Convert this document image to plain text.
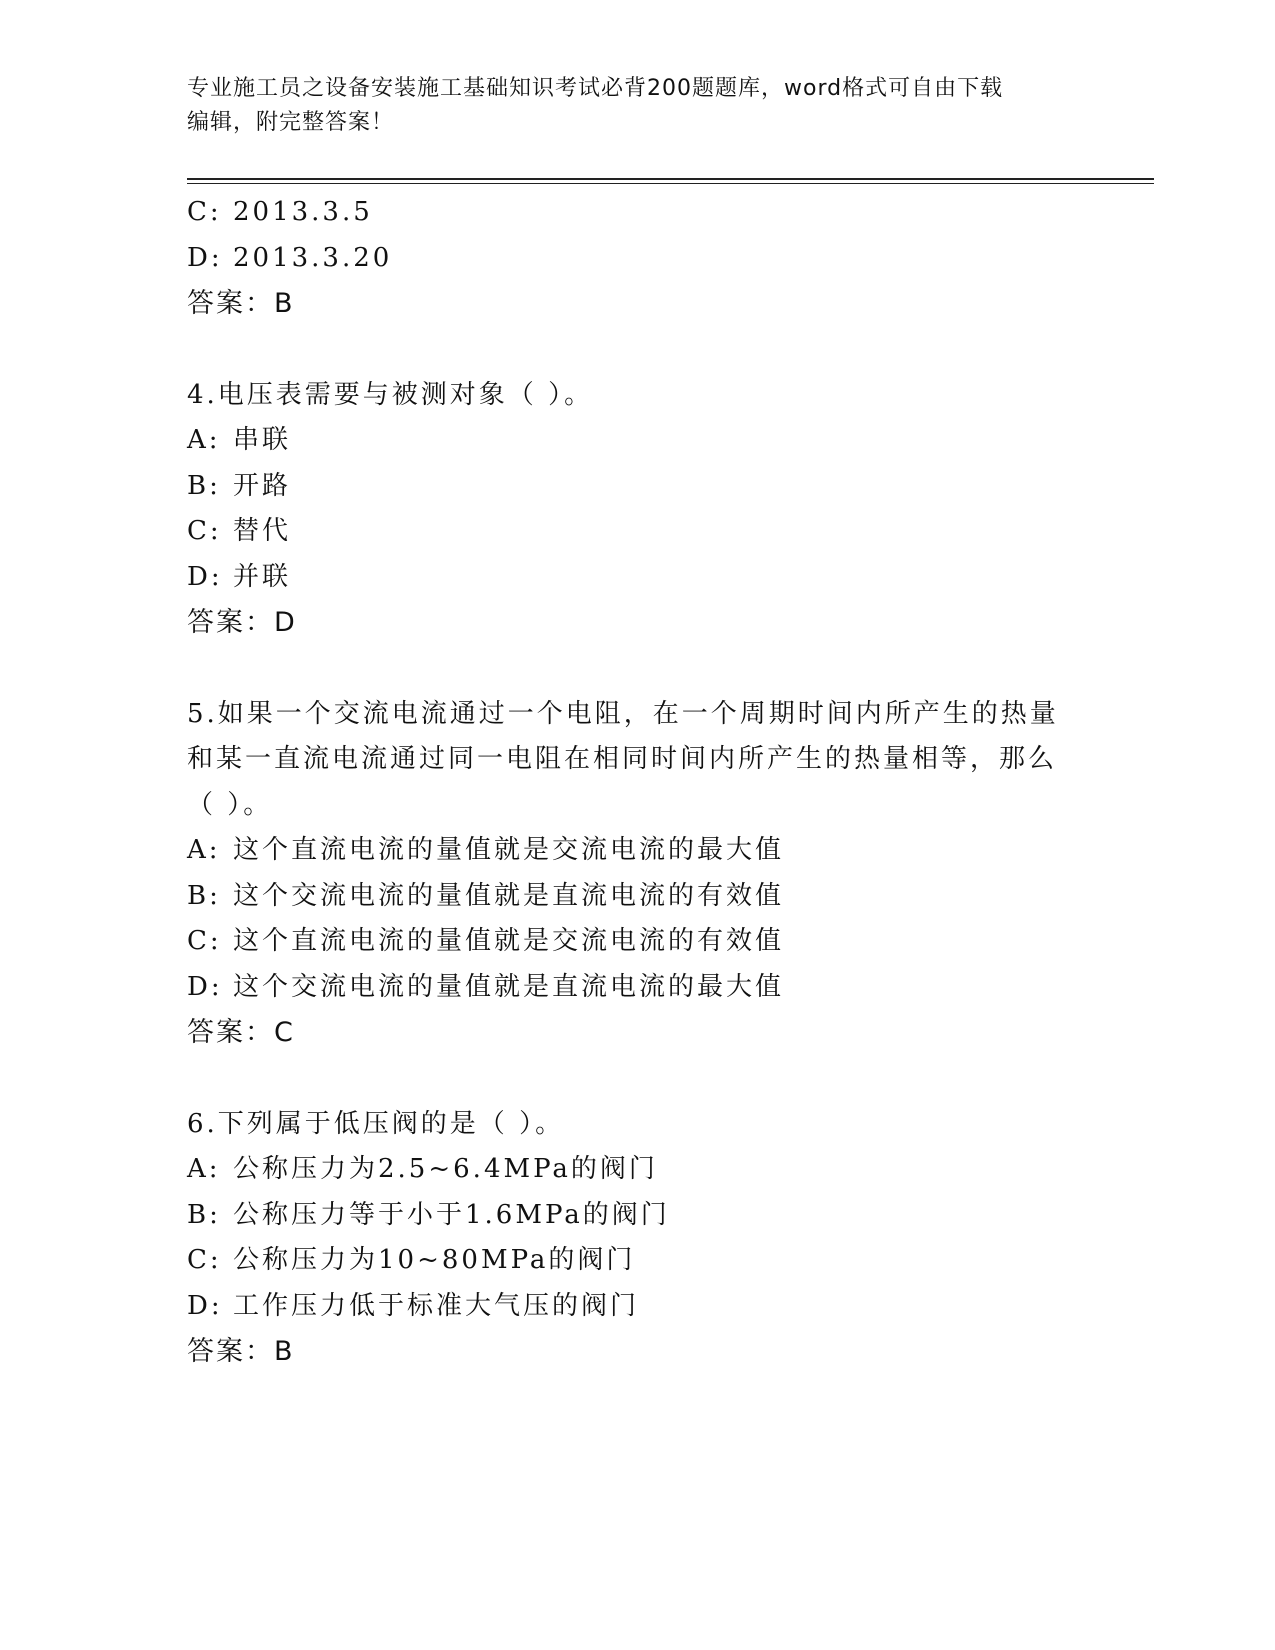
专业施工员之设备安装施工基础知识考试必背200题题库，word格式可自由下载
编辑，附完整答案！
C: 2013.3.5
D: 2013.3.20
答案：B
4.电压表需要与被测对象（ ）。
A: 串联
B: 开路
C: 替代
D: 并联
答案：D
5.如果一个交流电流通过一个电阻，在一个周期时间内所产生的热量
和某一直流电流通过同一电阻在相同时间内所产生的热量相等，那么
（ ）。
A: 这个直流电流的量值就是交流电流的最大值
B: 这个交流电流的量值就是直流电流的有效值
C: 这个直流电流的量值就是交流电流的有效值
D: 这个交流电流的量值就是直流电流的最大值
答案：C
6.下列属于低压阀的是（ ）。
A: 公称压力为2.5~6.4MPa的阀门
B: 公称压力等于小于1.6MPa的阀门
C: 公称压力为10~80MPa的阀门
D: 工作压力低于标准大气压的阀门
答案：B
